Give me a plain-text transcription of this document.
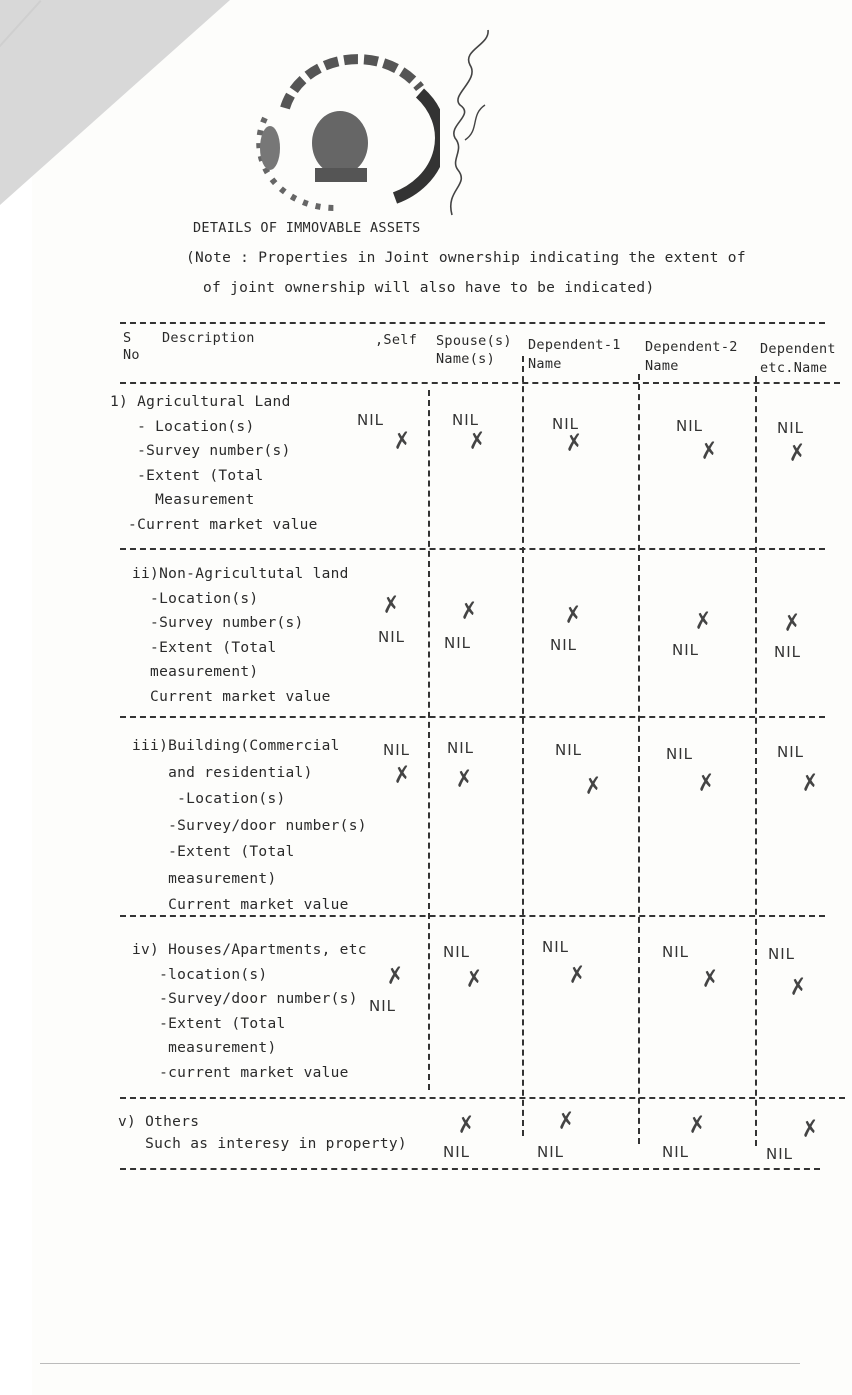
DETAILS OF IMMOVABLE ASSETS
(Note : Properties in Joint ownership indicating the extent of
of joint ownership will also have to be indicated)
S
No
Description	,Self Spouse(s)
Name(s)
Dependent-1
Name
Dependent-2
Name
Dependent
etc.Name
1) Agricultural Land
- Location(s)
-Survey number(s)
-Extent (Total
Measurement
-Current market value
ii)Non-Agricultutal land
-Location(s)
-Survey number(s)
-Extent (Total
measurement)
Current market value
iii)Building(Commercial
and residential)
-Location(s)
-Survey/door number(s)
-Extent (Total
measurement)
Current market value
iv) Houses/Apartments, etc
-location(s)
-Survey/door number(s)
-Extent (Total
measurement)
-current market value
v) Others
Such as interesy in property)
NIL
✗
NIL
✗
NIL
✗
NIL
✗
NIL
✗
✗
NIL
✗
NIL
✗
NIL
✗
NIL
✗
NIL
NIL
✗
NIL
✗
NIL
✗
NIL
✗
NIL
✗
✗
NIL
NIL
✗
NIL
✗
NIL
✗
NIL
✗
✗
NIL
✗
NIL
✗
NIL
✗
NIL
